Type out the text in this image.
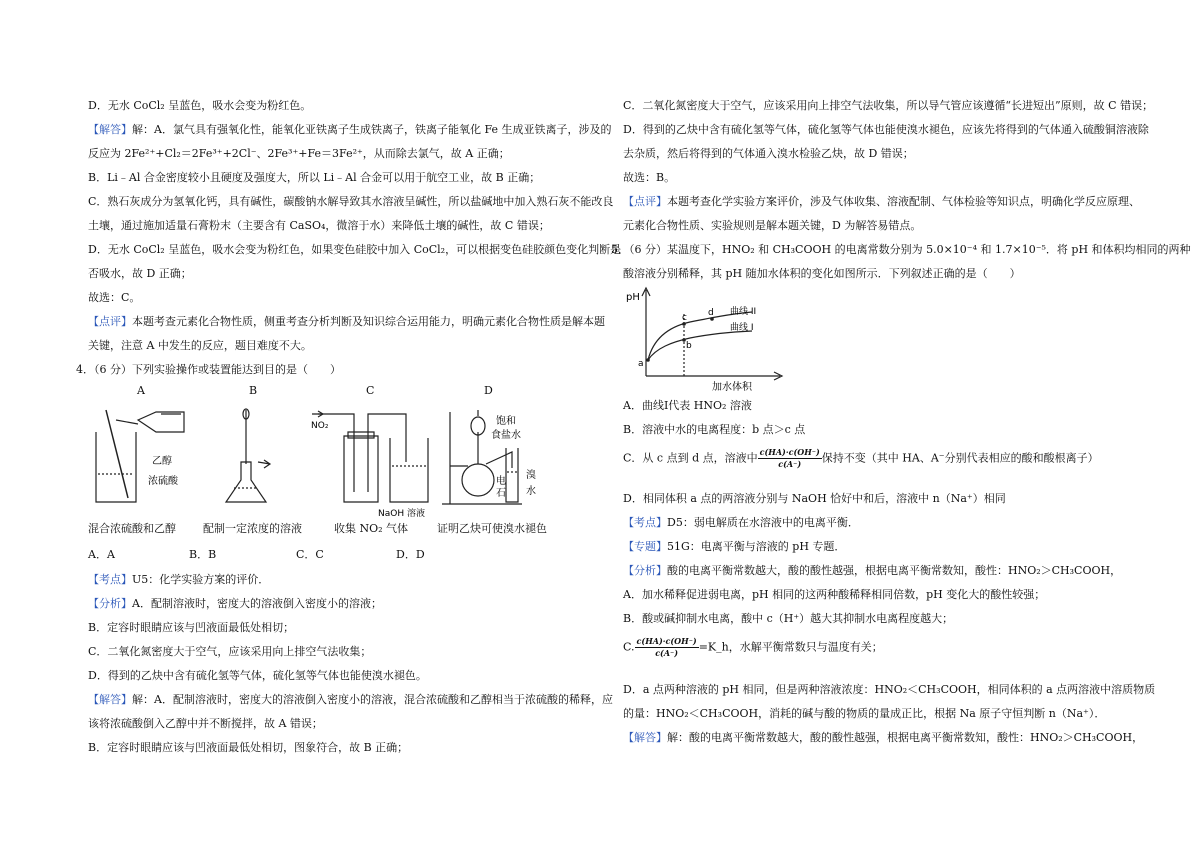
D．无水 CoCl₂ 呈蓝色，吸水会变为粉红色。
【解答】解：A．氯气具有强氧化性，能氧化亚铁离子生成铁离子，铁离子能氧化 Fe 生成亚铁离子，涉及的
反应为 2Fe²⁺+Cl₂＝2Fe³⁺+2Cl⁻、2Fe³⁺+Fe＝3Fe²⁺，从而除去氯气，故 A 正确；
B．Li﹣Al 合金密度较小且硬度及强度大，所以 Li﹣Al 合金可以用于航空工业，故 B 正确；
C．熟石灰成分为氢氧化钙，具有碱性，碳酸钠水解导致其水溶液呈碱性，所以盐碱地中加入熟石灰不能改良
土壤，通过施加适量石膏粉末（主要含有 CaSO₄，微溶于水）来降低土壤的碱性，故 C 错误；
D．无水 CoCl₂ 呈蓝色，吸水会变为粉红色，如果变色硅胶中加入 CoCl₂，可以根据变色硅胶颜色变化判断是
否吸水，故 D 正确；
故选：C。
【点评】本题考查元素化合物性质，侧重考查分析判断及知识综合运用能力，明确元素化合物性质是解本题
关键，注意 A 中发生的反应，题目难度不大。
4．（6 分）下列实验操作或装置能达到目的是（　　）
A	B	C	D
乙醇
浓硫酸
NO₂
NaOH 溶液
饱和
食盐水
电
石
溴
水
混合浓硫酸和乙醇 配制一定浓度的溶液	收集 NO₂ 气体	证明乙炔可使溴水褪色
A．A	B．B	C．C	D．D
【考点】U5：化学实验方案的评价．
【分析】A．配制溶液时，密度大的溶液倒入密度小的溶液；
B．定容时眼睛应该与凹液面最低处相切；
C．二氧化氮密度大于空气，应该采用向上排空气法收集；
D．得到的乙炔中含有硫化氢等气体，硫化氢等气体也能使溴水褪色。
【解答】解：A．配制溶液时，密度大的溶液倒入密度小的溶液，混合浓硫酸和乙醇相当于浓硫酸的稀释，应
该将浓硫酸倒入乙醇中并不断搅拌，故 A 错误；
B．定容时眼睛应该与凹液面最低处相切，图象符合，故 B 正确；
C．二氧化氮密度大于空气，应该采用向上排空气法收集，所以导气管应该遵循“长进短出”原则，故 C 错误；
D．得到的乙炔中含有硫化氢等气体，硫化氢等气体也能使溴水褪色，应该先将得到的气体通入硫酸铜溶液除
去杂质，然后将得到的气体通入溴水检验乙炔，故 D 错误；
故选：B。
【点评】本题考查化学实验方案评价，涉及气体收集、溶液配制、气体检验等知识点，明确化学反应原理、
元素化合物性质、实验规则是解本题关键，D 为解答易错点。
5．（6 分）某温度下，HNO₂ 和 CH₃COOH 的电离常数分别为 5.0×10⁻⁴ 和 1.7×10⁻⁵．将 pH 和体积均相同的两种
酸溶液分别稀释，其 pH 随加水体积的变化如图所示．下列叙述正确的是（　　）
pH
加水体积
曲线 II
曲线 I
a
b
c d
A．曲线Ⅰ代表 HNO₂ 溶液
B．溶液中水的电离程度：b 点＞c 点
C．从 c 点到 d 点，溶液中 $\frac{c(HA)\cdot c(OH^-)}{c(A^-)}$ 保持不变（其中 HA、A⁻分别代表相应的酸和酸根离子）
D．相同体积 a 点的两溶液分别与 NaOH 恰好中和后，溶液中 n（Na⁺）相同
【考点】D5：弱电解质在水溶液中的电离平衡．
【专题】51G：电离平衡与溶液的 pH 专题．
【分析】酸的电离平衡常数越大，酸的酸性越强，根据电离平衡常数知，酸性：HNO₂＞CH₃COOH，
A．加水稀释促进弱电离，pH 相同的这两种酸稀释相同倍数，pH 变化大的酸性较强；
B．酸或碱抑制水电离，酸中 c（H⁺）越大其抑制水电离程度越大；
C. $\frac{c(HA)\cdot c(OH^-)}{c(A^-)}$ =K_h，水解平衡常数只与温度有关；
D．a 点两种溶液的 pH 相同，但是两种溶液浓度：HNO₂＜CH₃COOH，相同体积的 a 点两溶液中溶质物质
的量：HNO₂＜CH₃COOH，消耗的碱与酸的物质的量成正比，根据 Na 原子守恒判断 n（Na⁺）．
【解答】解：酸的电离平衡常数越大，酸的酸性越强，根据电离平衡常数知，酸性：HNO₂＞CH₃COOH，
